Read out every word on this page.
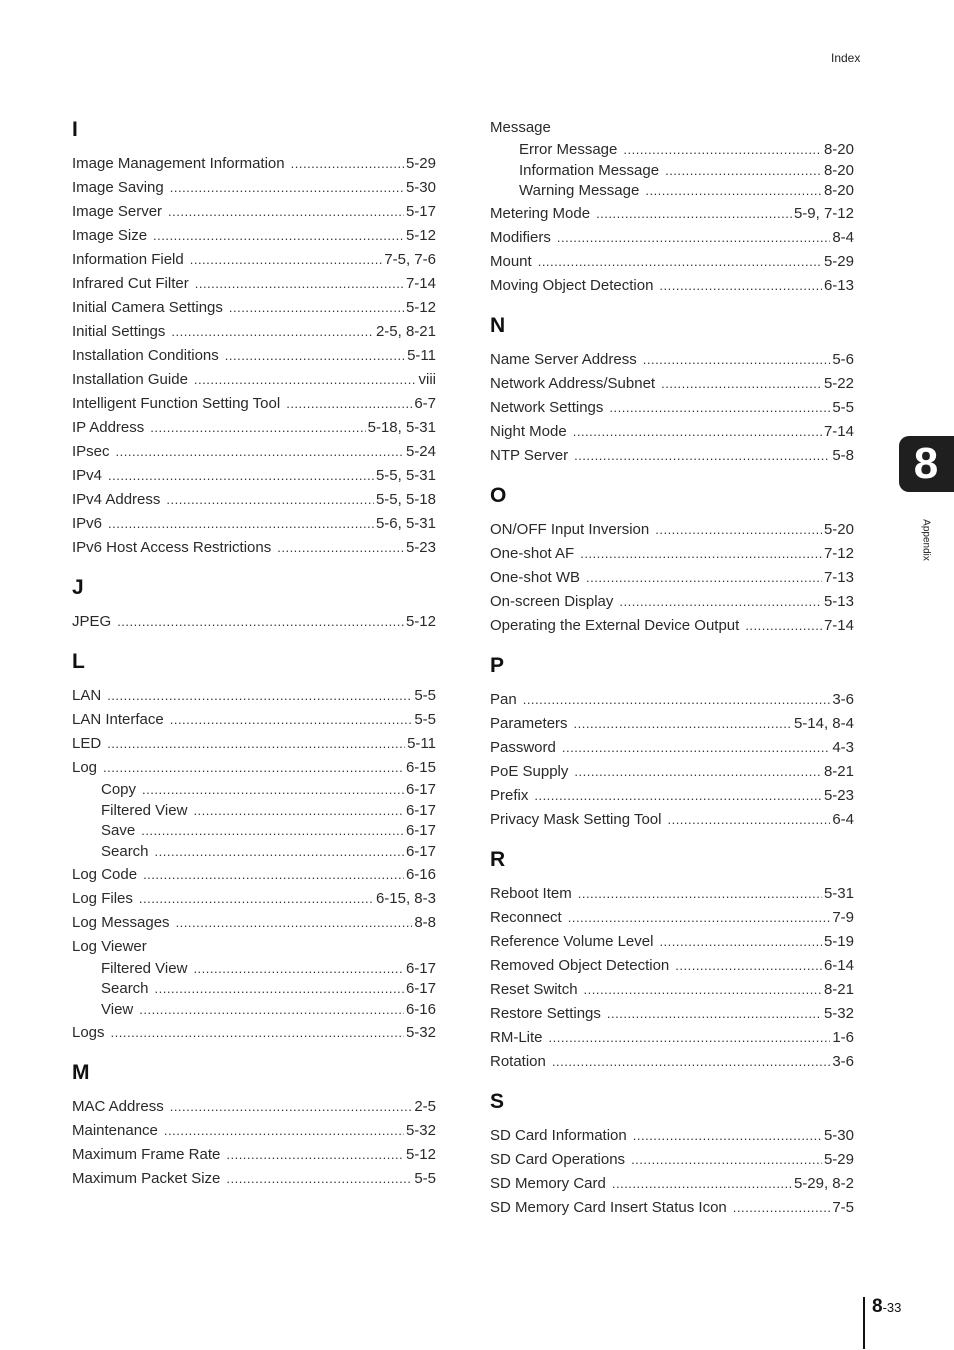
Index
I
Image Management Information .....	5-29
Image Saving .....	5-30
Image Server .....	5-17
Image Size .....	5-12
Information Field .....	7-5, 7-6
Infrared Cut Filter .....	7-14
Initial Camera Settings .....	5-12
Initial Settings .....	2-5, 8-21
Installation Conditions .....	5-11
Installation Guide .....	viii
Intelligent Function Setting Tool .....	6-7
IP Address .....	5-18, 5-31
IPsec .....	5-24
IPv4 .....	5-5, 5-31
IPv4 Address .....	5-5, 5-18
IPv6 .....	5-6, 5-31
IPv6 Host Access Restrictions .....	5-23
J
JPEG .....	5-12
L
LAN .....	5-5
LAN Interface .....	5-5
LED .....	5-11
Log .....	6-15
Copy .....	6-17
Filtered View .....	6-17
Save .....	6-17
Search .....	6-17
Log Code .....	6-16
Log Files .....	6-15, 8-3
Log Messages .....	8-8
Log Viewer
Filtered View .....	6-17
Search .....	6-17
View .....	6-16
Logs .....	5-32
M
MAC Address .....	2-5
Maintenance .....	5-32
Maximum Frame Rate .....	5-12
Maximum Packet Size .....	5-5
Message
Error Message .....	8-20
Information Message .....	8-20
Warning Message .....	8-20
Metering Mode .....	5-9, 7-12
Modifiers .....	8-4
Mount .....	5-29
Moving Object Detection .....	6-13
N
Name Server Address .....	5-6
Network Address/Subnet .....	5-22
Network Settings .....	5-5
Night Mode .....	7-14
NTP Server .....	5-8
O
ON/OFF Input Inversion .....	5-20
One-shot AF .....	7-12
One-shot WB .....	7-13
On-screen Display .....	5-13
Operating the External Device Output .....	7-14
P
Pan .....	3-6
Parameters .....	5-14, 8-4
Password .....	4-3
PoE Supply .....	8-21
Prefix .....	5-23
Privacy Mask Setting Tool .....	6-4
R
Reboot Item .....	5-31
Reconnect .....	7-9
Reference Volume Level .....	5-19
Removed Object Detection .....	6-14
Reset Switch .....	8-21
Restore Settings .....	5-32
RM-Lite .....	1-6
Rotation .....	3-6
S
SD Card Information .....	5-30
SD Card Operations .....	5-29
SD Memory Card .....	5-29, 8-2
SD Memory Card Insert Status Icon .....	7-5
8
Appendix
8-33
